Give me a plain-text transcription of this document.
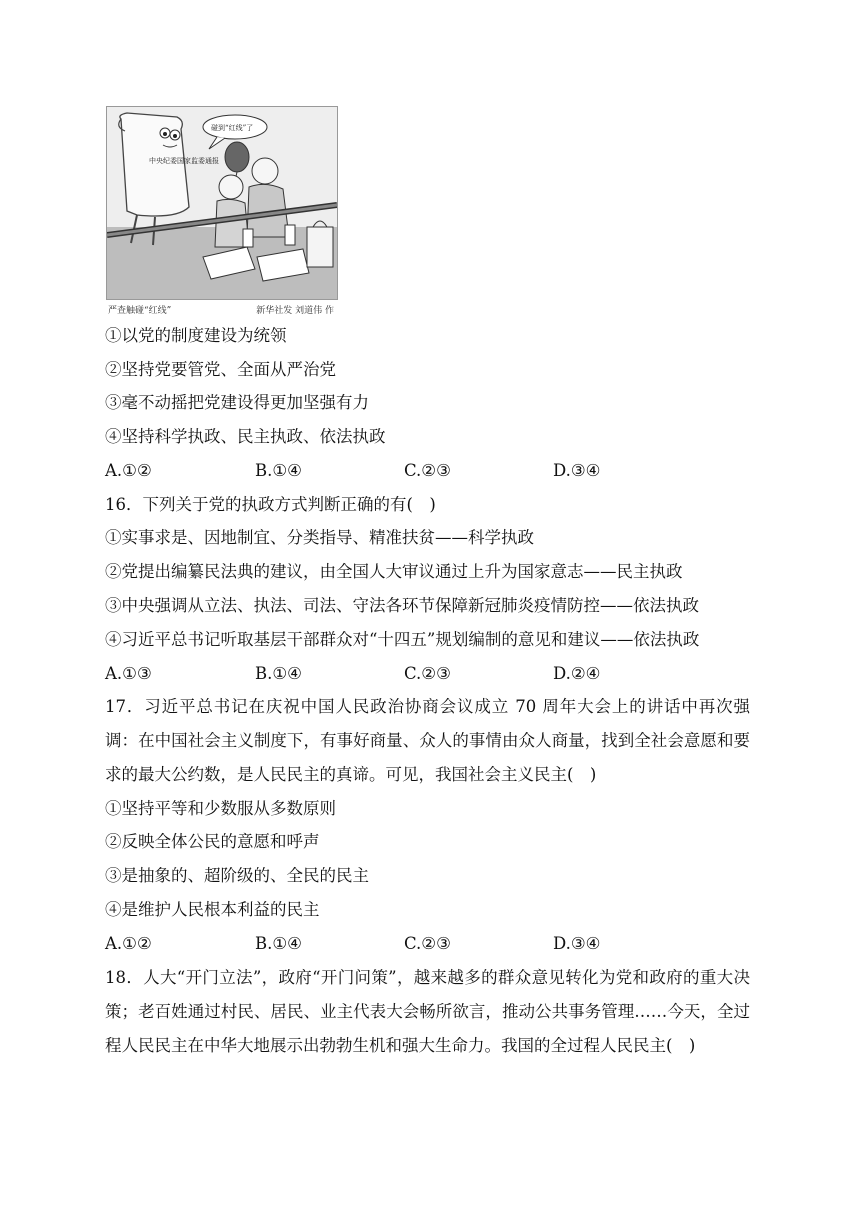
中央纪委国家监委通报
碰到“红线”了
严查触碰“红线”	新华社发 刘道伟 作
①以党的制度建设为统领
②坚持党要管党、全面从严治党
③毫不动摇把党建设得更加坚强有力
④坚持科学执政、民主执政、依法执政
A.①②	B.①④	C.②③	D.③④
16．下列关于党的执政方式判断正确的有(　)
①实事求是、因地制宜、分类指导、精准扶贫——科学执政
②党提出编纂民法典的建议，由全国人大审议通过上升为国家意志——民主执政
③中央强调从立法、执法、司法、守法各环节保障新冠肺炎疫情防控——依法执政
④习近平总书记听取基层干部群众对“十四五”规划编制的意见和建议——依法执政
A.①③	B.①④	C.②③	D.②④
17．习近平总书记在庆祝中国人民政治协商会议成立 70 周年大会上的讲话中再次强调：在中国社会主义制度下，有事好商量、众人的事情由众人商量，找到全社会意愿和要求的最大公约数，是人民民主的真谛。可见，我国社会主义民主(　)
①坚持平等和少数服从多数原则
②反映全体公民的意愿和呼声
③是抽象的、超阶级的、全民的民主
④是维护人民根本利益的民主
A.①②	B.①④	C.②③	D.③④
18．人大“开门立法”，政府“开门问策”，越来越多的群众意见转化为党和政府的重大决策；老百姓通过村民、居民、业主代表大会畅所欲言，推动公共事务管理……今天，全过程人民民主在中华大地展示出勃勃生机和强大生命力。我国的全过程人民民主(　)
